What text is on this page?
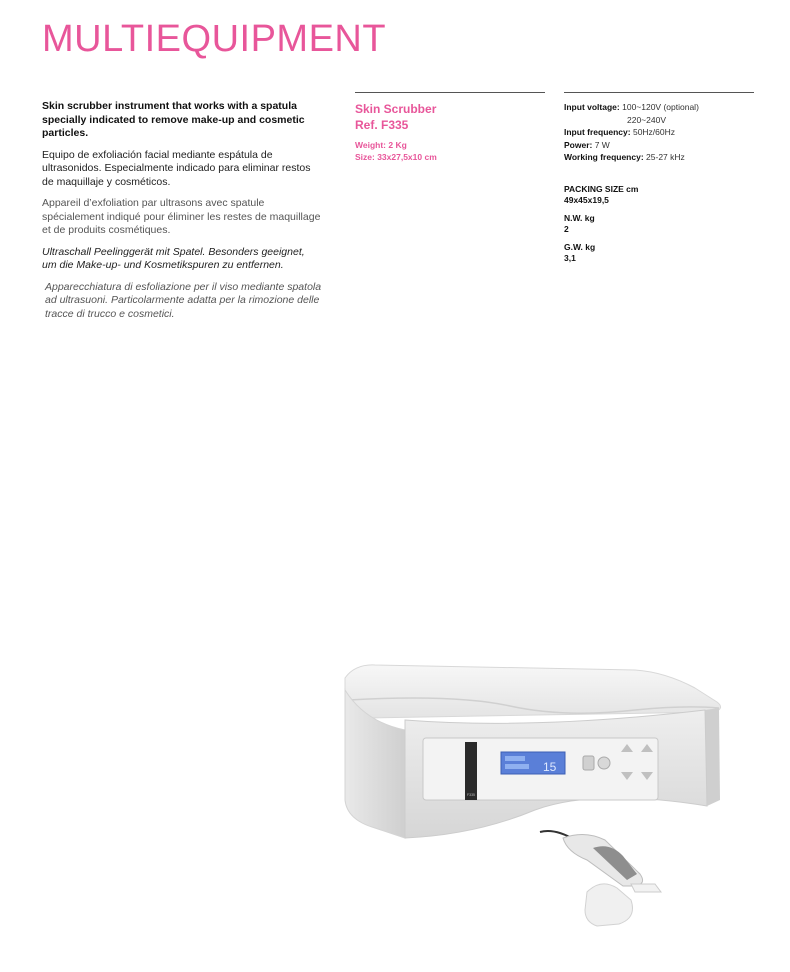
MULTIEQUIPMENT

Skin scrubber instrument that works with a spatula specially indicated to remove make-up and cosmetic particles.

Equipo de exfoliación facial mediante espátula de ultrasonidos. Especialmente indicado para eliminar restos de maquillaje y cosméticos.

Appareil d’exfoliation par ultrasons avec spatule spécialement indiqué pour éliminer les restes de maquillage et de produits cosmétiques.

Ultraschall Peelinggerät mit Spatel. Besonders geeignet, um die Make-up- und Kosmetikspuren zu entfernen.

Apparecchiatura di esfoliazione per il viso mediante spatola ad ultrasuoni. Particolarmente adatta per la rimozione delle tracce di trucco e cosmetici.

Skin Scrubber
Ref. F335
Weight: 2 Kg
Size: 33x27,5x10 cm
Input voltage: 100~120V (optional)
220~240V
Input frequency: 50Hz/60Hz
Power: 7 W
Working frequency: 25-27 kHz
PACKING SIZE cm
49x45x19,5
N.W. kg
2
G.W. kg
3,1
15
F335
